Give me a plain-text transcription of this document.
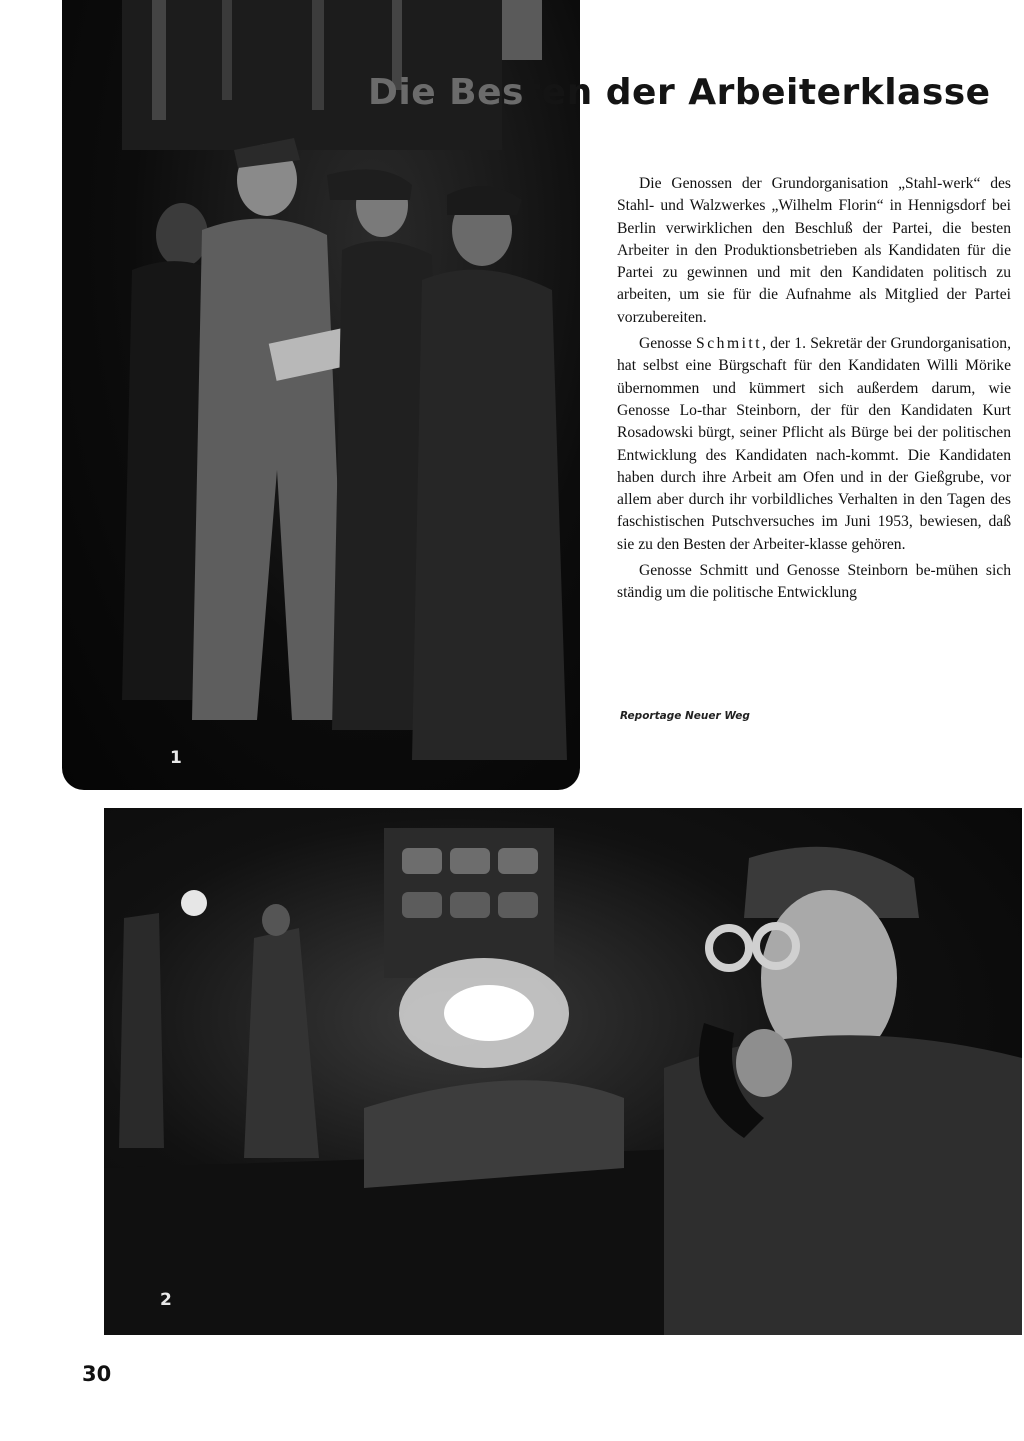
1
Die Besten der Arbeiterklasse

Die Genossen der Grundorganisation „Stahl-werk“ des Stahl- und Walzwerkes „Wilhelm Florin“ in Hennigsdorf bei Berlin verwirklichen den Beschluß der Partei, die besten Arbeiter in den Produktionsbetrieben als Kandidaten für die Partei zu gewinnen und mit den Kandidaten politisch zu arbeiten, um sie für die Aufnahme als Mitglied der Partei vorzubereiten.

Genosse Schmitt, der 1. Sekretär der Grundorganisation, hat selbst eine Bürgschaft für den Kandidaten Willi Mörike übernommen und kümmert sich außerdem darum, wie Genosse Lo-thar Steinborn, der für den Kandidaten Kurt Rosadowski bürgt, seiner Pflicht als Bürge bei der politischen Entwicklung des Kandidaten nach-kommt. Die Kandidaten haben durch ihre Arbeit am Ofen und in der Gießgrube, vor allem aber durch ihr vorbildliches Verhalten in den Tagen des faschistischen Putschversuches im Juni 1953, bewiesen, daß sie zu den Besten der Arbeiter-klasse gehören.

Genosse Schmitt und Genosse Steinborn be-mühen sich ständig um die politische Entwicklung

Reportage Neuer Weg
2
30
